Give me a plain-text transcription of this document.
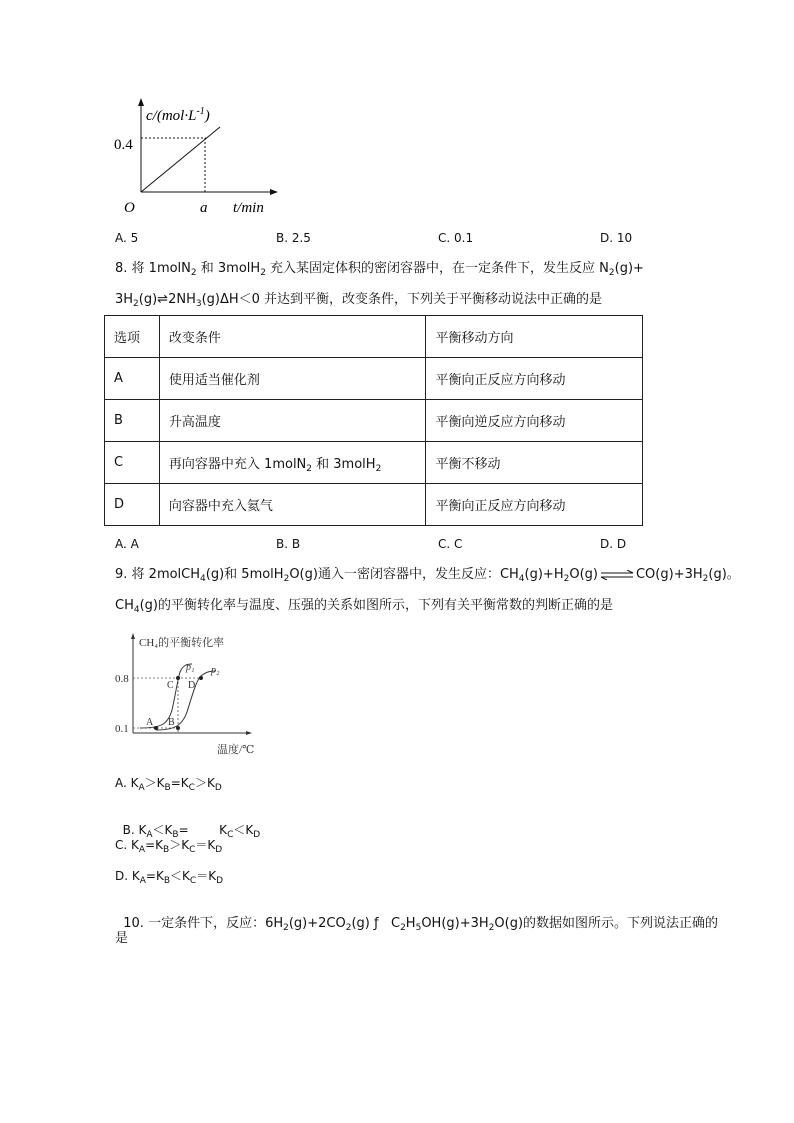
$c/(mol\cdot L^{-1})$
0.4
O	a t/min
A. 5	B. 2.5	C. 0.1	D. 10
8. 将 1molN$_2$ 和 3molH$_2$ 充入某固定体积的密闭容器中，在一定条件下，发生反应 $N_2(g)+$
$3H_2(g)\rightleftharpoons 2NH_3(g)\Delta H<0$ 并达到平衡，改变条件，下列关于平衡移动说法中正确的是
选项	改变条件	平衡移动方向
A	使用适当催化剂	平衡向正反应方向移动
B	升高温度	平衡向逆反应方向移动
C	再向容器中充入 1molN$_2$ 和 3molH$_2$	平衡不移动
D	向容器中充入氦气	平衡向正反应方向移动
A. A	B. B	C. C	D. D
9. 将 2molCH$_4$(g)和 5molH$_2$O(g)通入一密闭容器中，发生反应：$CH_4(g)+H_2O(g)\rightleftharpoons CO(g)+3H_2(g)$。
$CH_4(g)$的平衡转化率与温度、压强的关系如图所示，下列有关平衡常数的判断正确的是
CH₄的平衡转化率
0.8
0.1
温度/℃
A B
C D
p₁ p₂
A. $K_A>K_B=K_C>K_D$

B. $K_A<K_B=$        $K_C<K_D$

C. $K_A=K_B>K_C=K_D$
D. $K_A=K_B<K_C=K_D$

10. 一定条件下，反应：$6H_2(g)+2CO_2(g)$ ƒ   $C_2H_5OH(g)+3H_2O(g)$的数据如图所示。下列说法正确的

是
